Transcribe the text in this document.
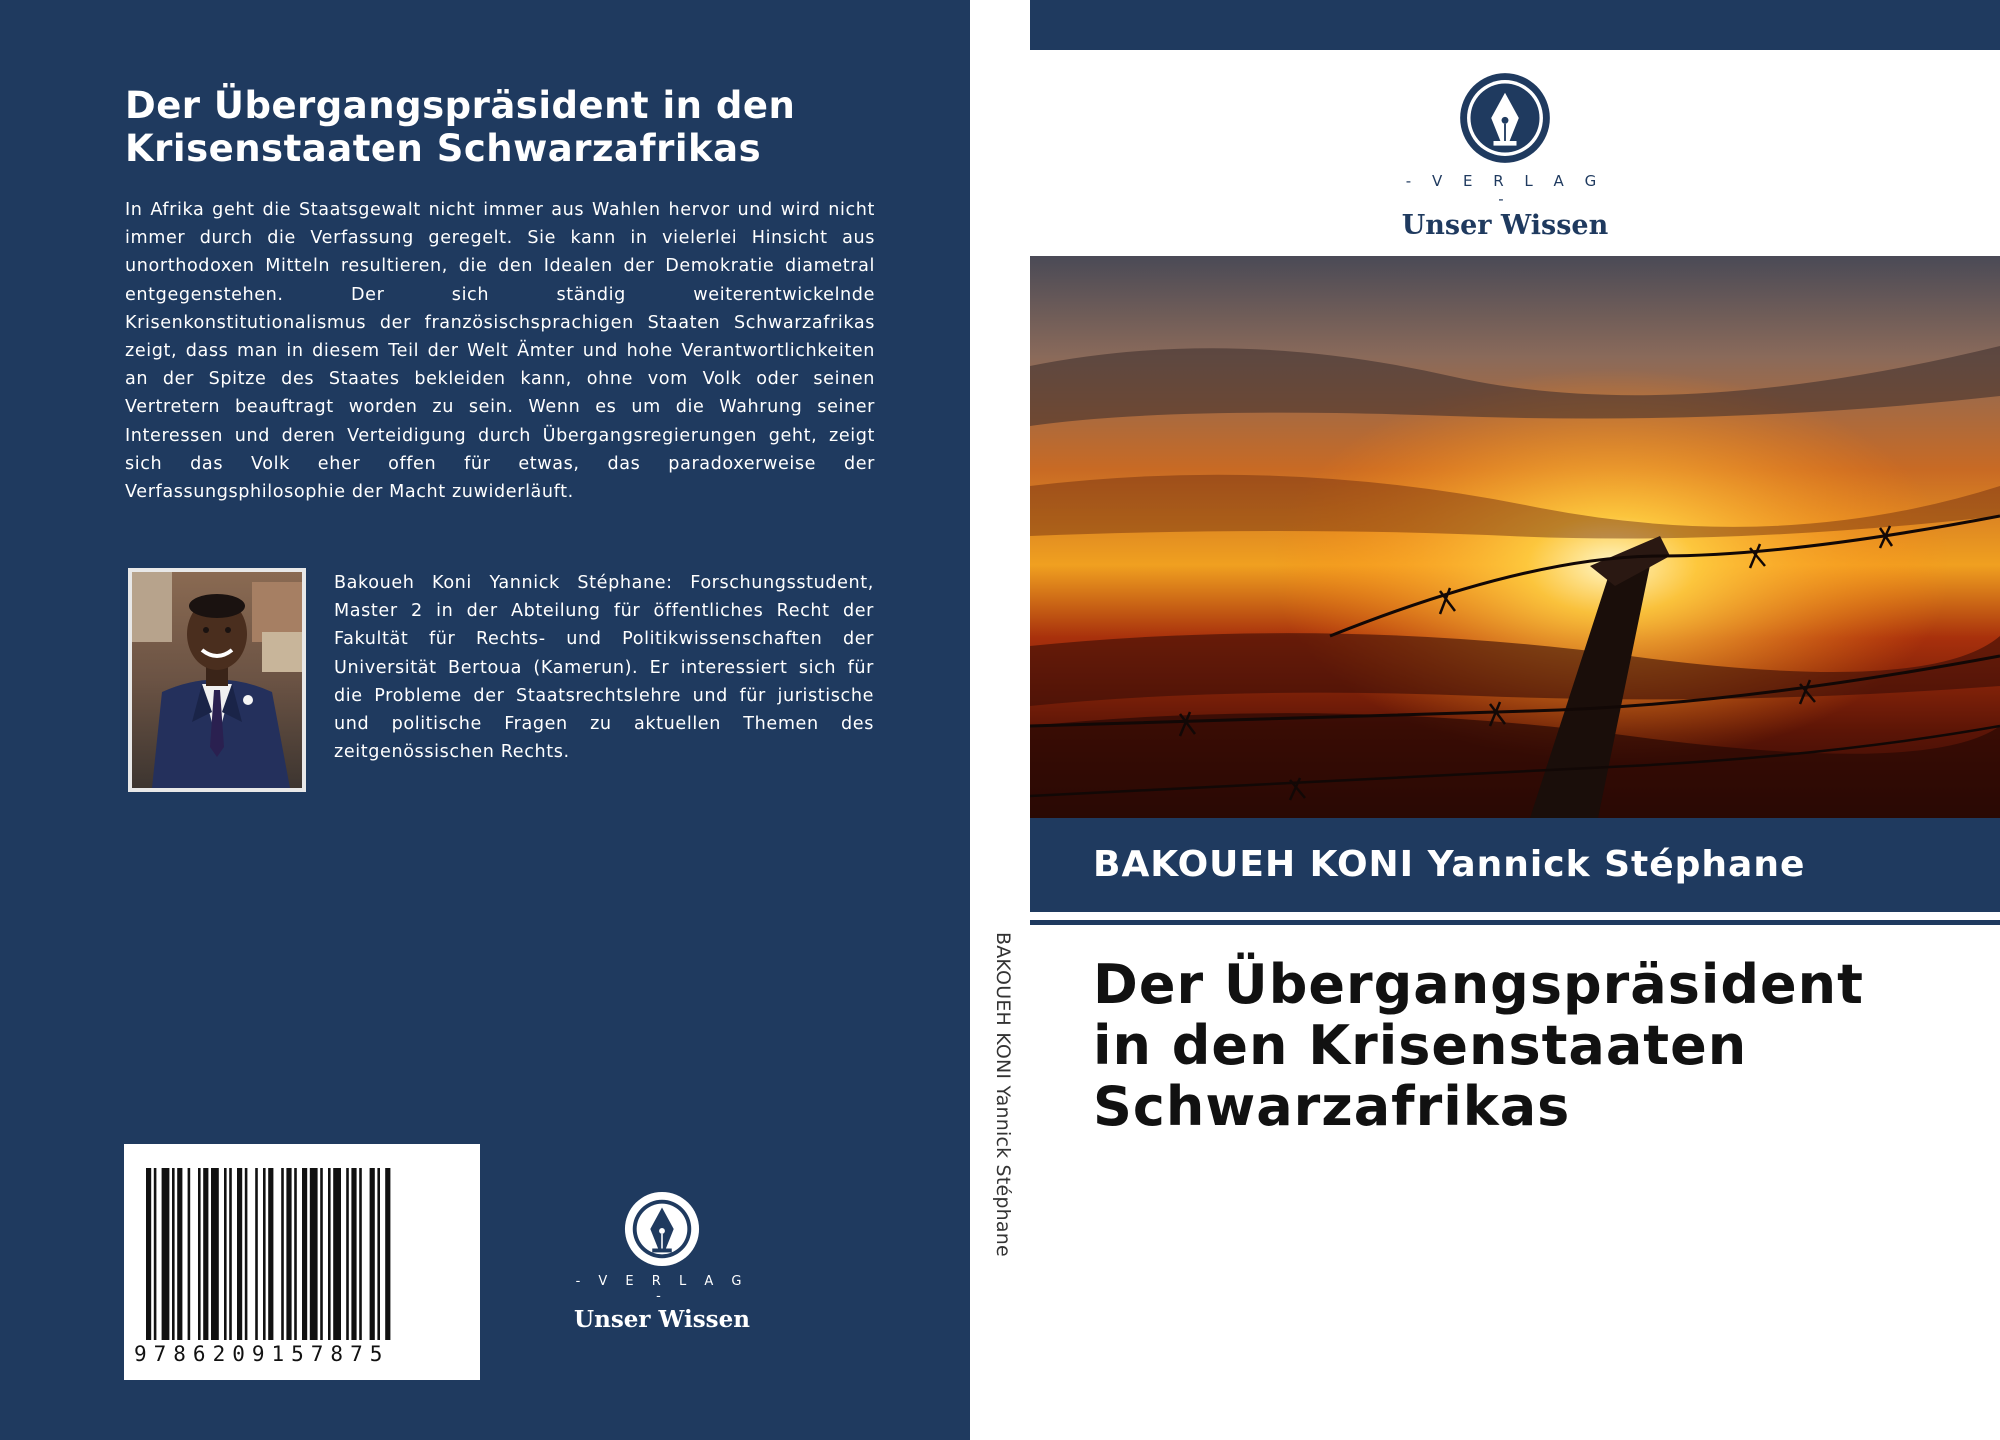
Der Übergangspräsident in den
Krisenstaaten Schwarzafrikas

In Afrika geht die Staatsgewalt nicht immer aus Wahlen hervor und wird nicht immer durch die Verfassung geregelt. Sie kann in vielerlei Hinsicht aus unorthodoxen Mitteln resultieren, die den Idealen der Demokratie diametral entgegenstehen. Der sich ständig weiterentwickelnde Krisenkonstitutionalismus der französischsprachigen Staaten Schwarzafrikas zeigt, dass man in diesem Teil der Welt Ämter und hohe Verantwortlichkeiten an der Spitze des Staates bekleiden kann, ohne vom Volk oder seinen Vertretern beauftragt worden zu sein. Wenn es um die Wahrung seiner Interessen und deren Verteidigung durch Übergangsregierungen geht, zeigt sich das Volk eher offen für etwas, das paradoxerweise der Verfassungsphilosophie der Macht zuwiderläuft.

Bakoueh Koni Yannick Stéphane: Forschungsstudent, Master 2 in der Abteilung für öffentliches Recht der Fakultät für Rechts- und Politikwissenschaften der Universität Bertoua (Kamerun). Er interessiert sich für die Probleme der Staatsrechtslehre und für juristische und politische Fragen zu aktuellen Themen des zeitgenössischen Rechts.

9786209157875
- V E R L A G -
Unser Wissen
BAKOUEH KONI Yannick Stéphane
- V E R L A G -
Unser Wissen
BAKOUEH KONI Yannick Stéphane
Der Übergangspräsident
in den Krisenstaaten
Schwarzafrikas
